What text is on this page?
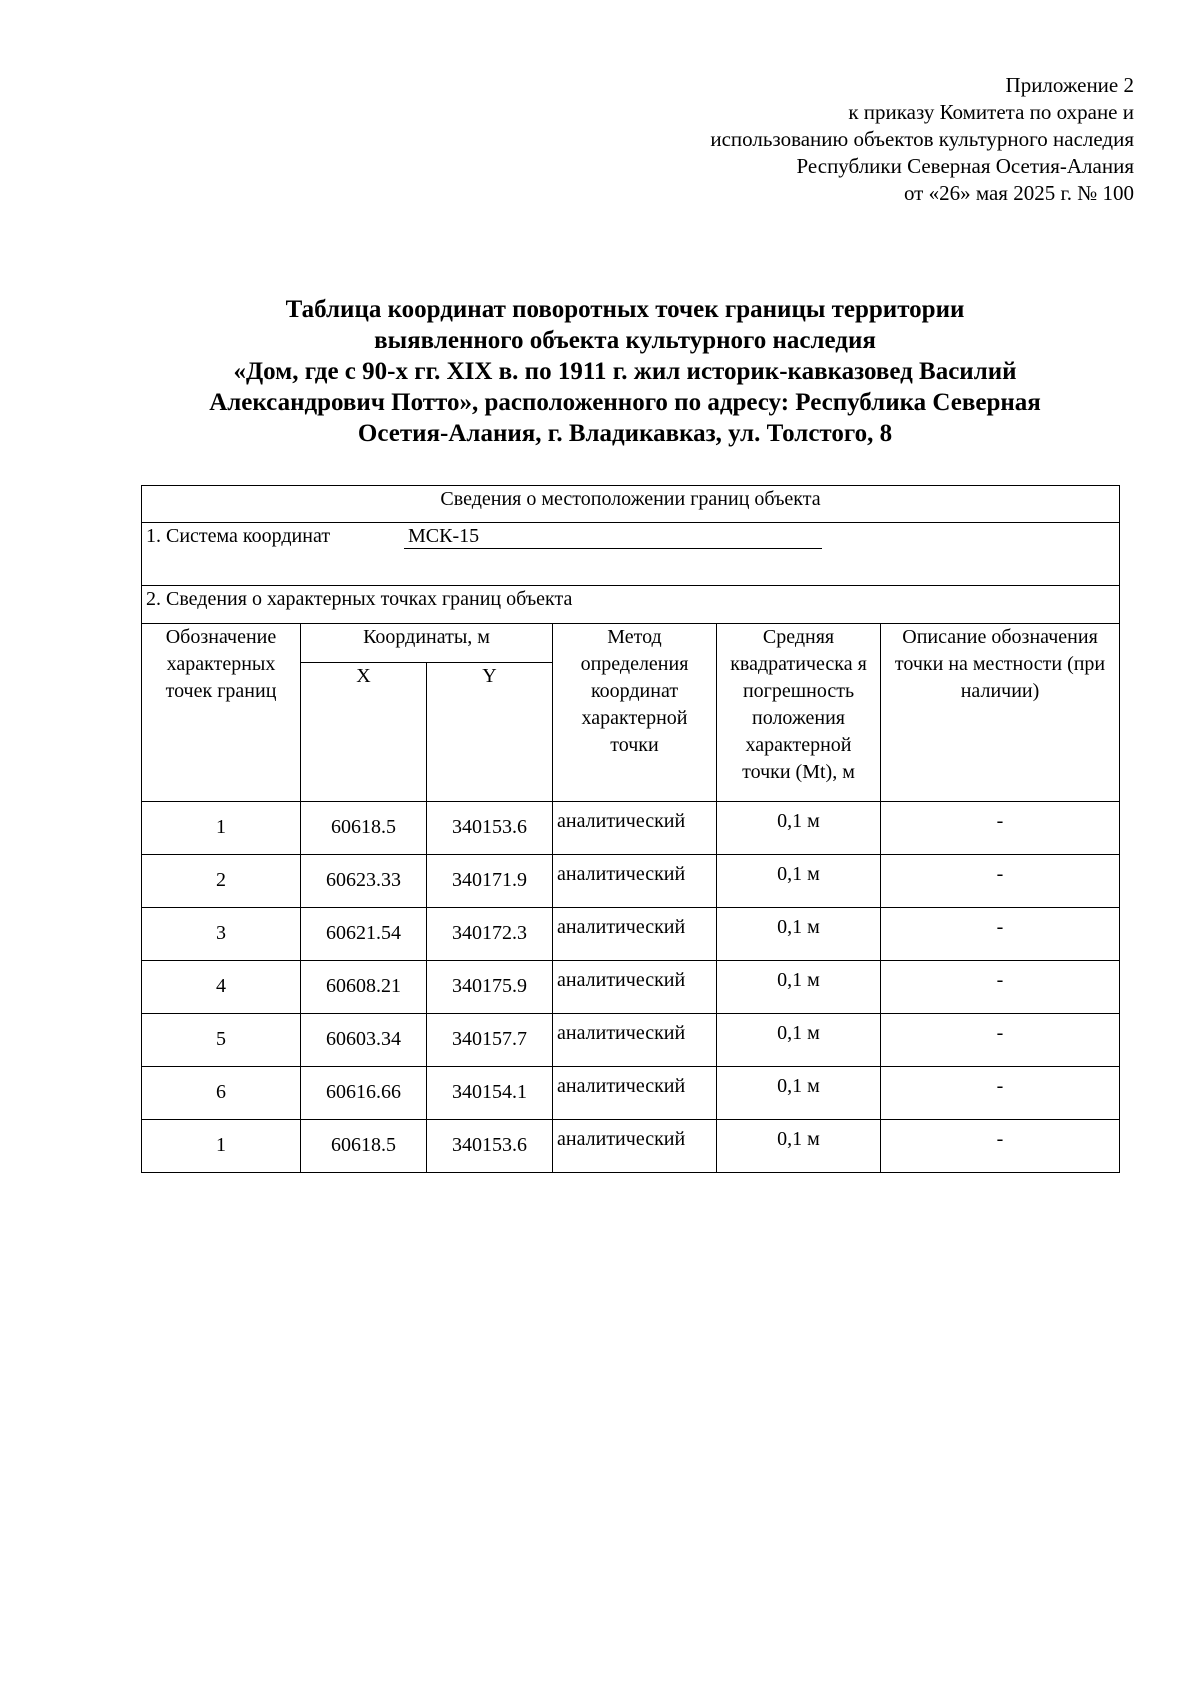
Приложение 2
к приказу Комитета по охране и
использованию объектов культурного наследия
Республики Северная Осетия-Алания
от «26» мая 2025 г. № 100
Таблица координат поворотных точек границы территории
выявленного объекта культурного наследия
«Дом, где с 90-х гг. XIX в. по 1911 г. жил историк-кавказовед Василий
Александрович Потто», расположенного по адресу: Республика Северная
Осетия-Алания, г. Владикавказ, ул. Толстого, 8
Сведения о местоположении границ объекта					
1. Система координат МСК-15					
2. Сведения о характерных точках границ объекта					
Обозначение характерных точек границ	Координаты, м		Метод определения координат характерной точки	Средняя квадратическа я погрешность положения характерной точки (Mt), м	Описание обозначения точки на местности (при наличии)
	X	Y			
1	60618.5	340153.6	аналитический	0,1 м	-
2	60623.33	340171.9	аналитический	0,1 м	-
3	60621.54	340172.3	аналитический	0,1 м	-
4	60608.21	340175.9	аналитический	0,1 м	-
5	60603.34	340157.7	аналитический	0,1 м	-
6	60616.66	340154.1	аналитический	0,1 м	-
1	60618.5	340153.6	аналитический	0,1 м	-
